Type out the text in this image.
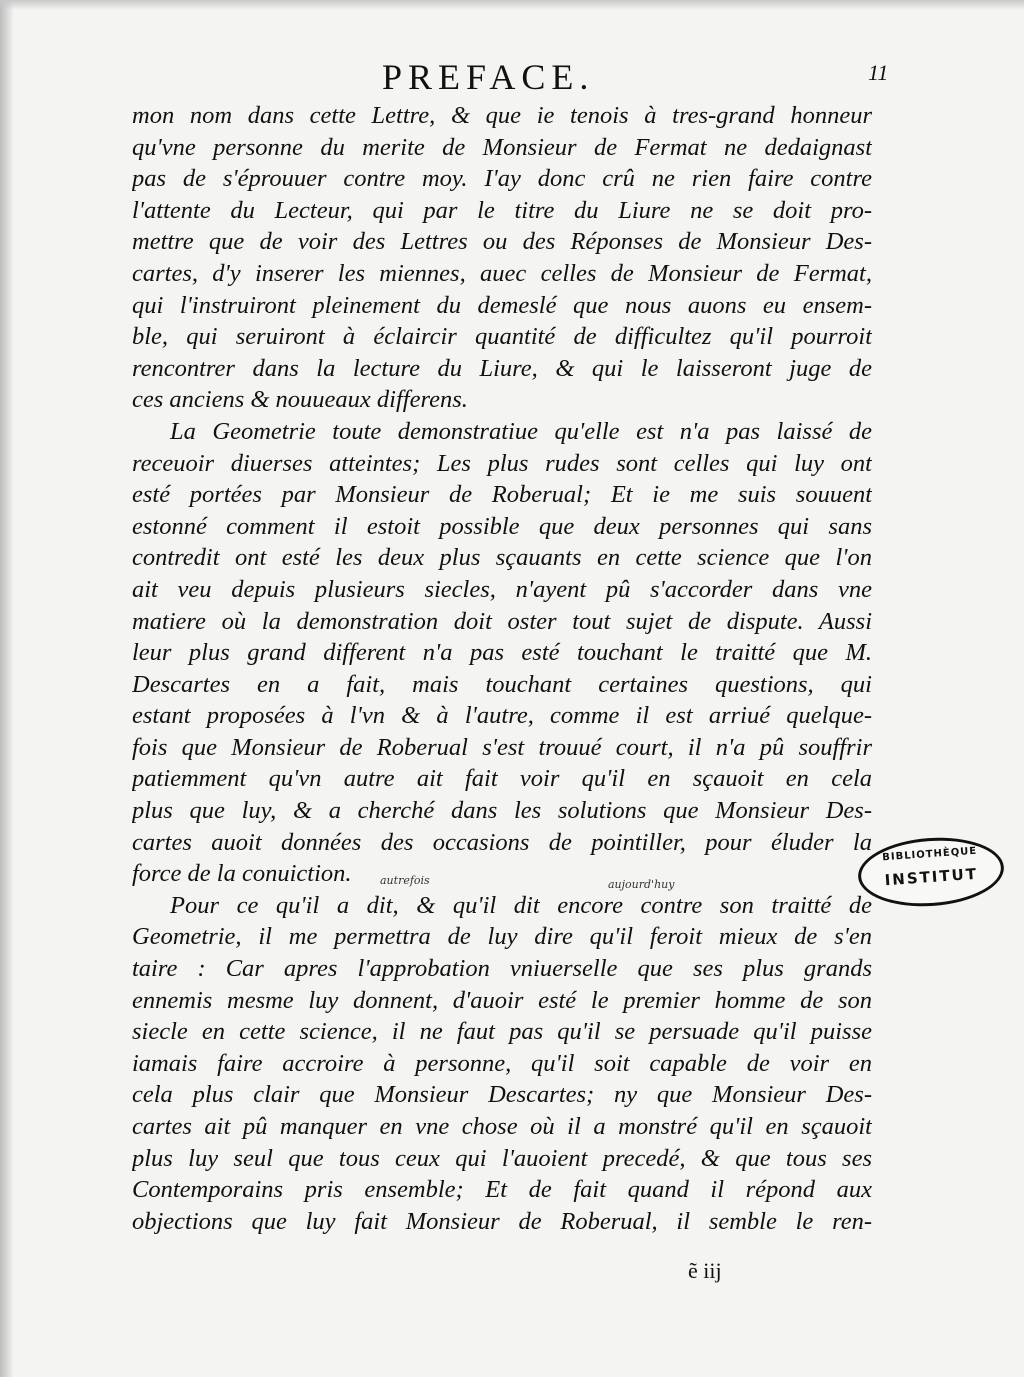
PREFACE.	11
mon nom dans cette Lettre, & que ie tenois à tres-grand honneur
qu'vne personne du merite de Monsieur de Fermat ne dedaignast
pas de s'éprouuer contre moy. I'ay donc crû ne rien faire contre
l'attente du Lecteur, qui par le titre du Liure ne se doit pro-
mettre que de voir des Lettres ou des Réponses de Monsieur Des-
cartes, d'y inserer les miennes, auec celles de Monsieur de Fermat,
qui l'instruiront pleinement du demeslé que nous auons eu ensem-
ble, qui seruiront à éclaircir quantité de difficultez qu'il pourroit
rencontrer dans la lecture du Liure, & qui le laisseront juge de
ces anciens & nouueaux differens.
La Geometrie toute demonstratiue qu'elle est n'a pas laissé de
receuoir diuerses atteintes; Les plus rudes sont celles qui luy ont
esté portées par Monsieur de Roberual; Et ie me suis souuent
estonné comment il estoit possible que deux personnes qui sans
contredit ont esté les deux plus sçauants en cette science que l'on
ait veu depuis plusieurs siecles, n'ayent pû s'accorder dans vne
matiere où la demonstration doit oster tout sujet de dispute. Aussi
leur plus grand different n'a pas esté touchant le traitté que M.
Descartes en a fait, mais touchant certaines questions, qui
estant proposées à l'vn & à l'autre, comme il est arriué quelque-
fois que Monsieur de Roberual s'est trouué court, il n'a pû souffrir
patiemment qu'vn autre ait fait voir qu'il en sçauoit en cela
plus que luy, & a cherché dans les solutions que Monsieur Des-
cartes auoit données des occasions de pointiller, pour éluder la
force de la conuiction.
Pour ce qu'il a dit, & qu'il dit encore contre son traitté de
Geometrie, il me permettra de luy dire qu'il feroit mieux de s'en
taire : Car apres l'approbation vniuerselle que ses plus grands
ennemis mesme luy donnent, d'auoir esté le premier homme de son
siecle en cette science, il ne faut pas qu'il se persuade qu'il puisse
iamais faire accroire à personne, qu'il soit capable de voir en
cela plus clair que Monsieur Descartes; ny que Monsieur Des-
cartes ait pû manquer en vne chose où il a monstré qu'il en sçauoit
plus luy seul que tous ceux qui l'auoient precedé, & que tous ses
Contemporains pris ensemble; Et de fait quand il répond aux
objections que luy fait Monsieur de Roberual, il semble le ren-
autrefois	aujourd'huy
BIBLIOTHÈQUE
INSTITUT
ẽ iij
